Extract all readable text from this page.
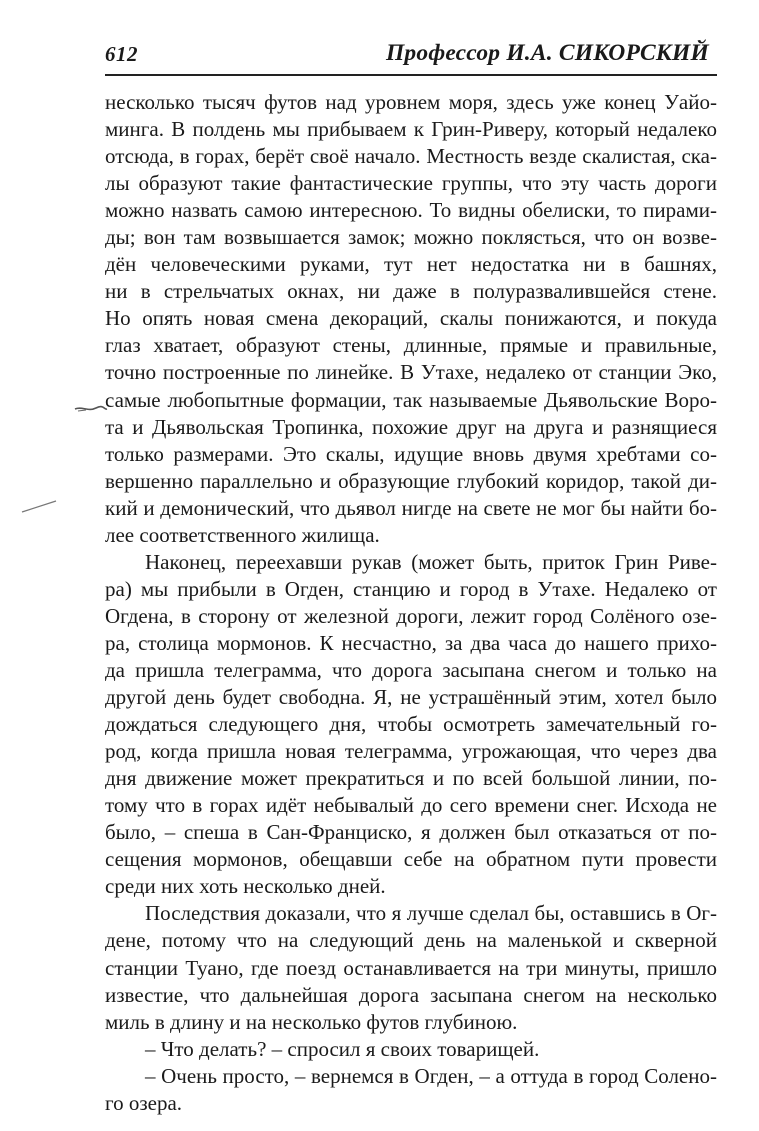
612	Профессор И.А. СИКОРСКИЙ
несколько тысяч футов над уровнем моря, здесь уже конец Уайо-
минга. В полдень мы прибываем к Грин-Риверу, который недалеко
отсюда, в горах, берёт своё начало. Местность везде скалистая, ска-
лы образуют такие фантастические группы, что эту часть дороги
можно назвать самою интересною. То видны обелиски, то пирами-
ды; вон там возвышается замок; можно поклясться, что он возве-
дён человеческими руками, тут нет недостатка ни в башнях,
ни в стрельчатых окнах, ни даже в полуразвалившейся стене.
Но опять новая смена декораций, скалы понижаются, и покуда
глаз хватает, образуют стены, длинные, прямые и правильные,
точно построенные по линейке. В Утахе, недалеко от станции Эко,
самые любопытные формации, так называемые Дьявольские Воро-
та и Дьявольская Тропинка, похожие друг на друга и разнящиеся
только размерами. Это скалы, идущие вновь двумя хребтами со-
вершенно параллельно и образующие глубокий коридор, такой ди-
кий и демонический, что дьявол нигде на свете не мог бы найти бо-
лее соответственного жилища.
Наконец, переехавши рукав (может быть, приток Грин Риве-
ра) мы прибыли в Огден, станцию и город в Утахе. Недалеко от
Огдена, в сторону от железной дороги, лежит город Солёного озе-
ра, столица мормонов. К несчастно, за два часа до нашего прихо-
да пришла телеграмма, что дорога засыпана снегом и только на
другой день будет свободна. Я, не устрашённый этим, хотел было
дождаться следующего дня, чтобы осмотреть замечательный го-
род, когда пришла новая телеграмма, угрожающая, что через два
дня движение может прекратиться и по всей большой линии, по-
тому что в горах идёт небывалый до сего времени снег. Исхода не
было, – спеша в Сан-Франциско, я должен был отказаться от по-
сещения мормонов, обещавши себе на обратном пути провести
среди них хоть несколько дней.
Последствия доказали, что я лучше сделал бы, оставшись в Ог-
дене, потому что на следующий день на маленькой и скверной
станции Туано, где поезд останавливается на три минуты, пришло
известие, что дальнейшая дорога засыпана снегом на несколько
миль в длину и на несколько футов глубиною.
– Что делать? – спросил я своих товарищей.
– Очень просто, – вернемся в Огден, – а оттуда в город Солено-
го озера.
